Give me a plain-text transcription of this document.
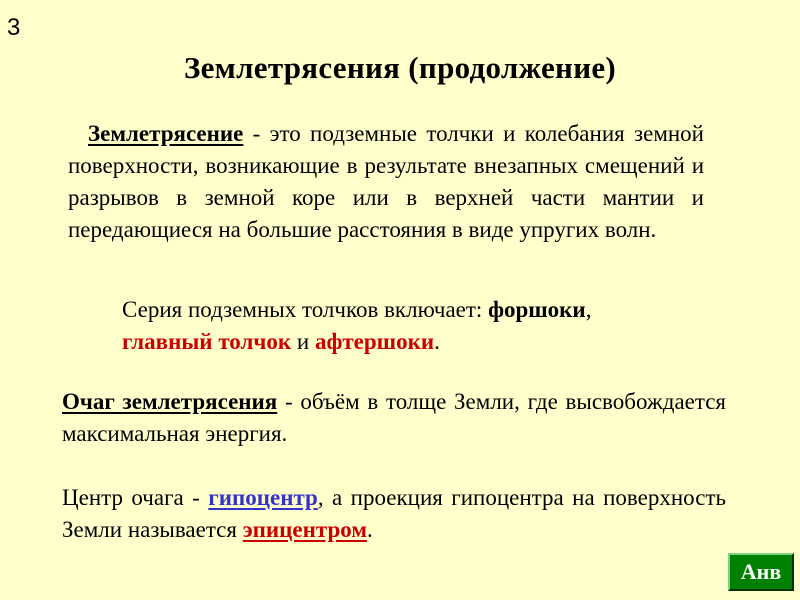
3
Землетрясения (продолжение)

Землетрясение - это подземные толчки и колебания земной поверхности, возникающие в результате внезапных смещений и разрывов в земной коре или в верхней части мантии и передающиеся на большие расстояния в виде упругих волн.

Серия подземных толчков включает: форшоки,
главный толчок и афтершоки.

Очаг землетрясения - объём в толще Земли, где высвобождается максимальная энергия.

Центр очага - гипоцентр, а проекция гипоцентра на поверхность Земли называется эпицентром.

Анв
